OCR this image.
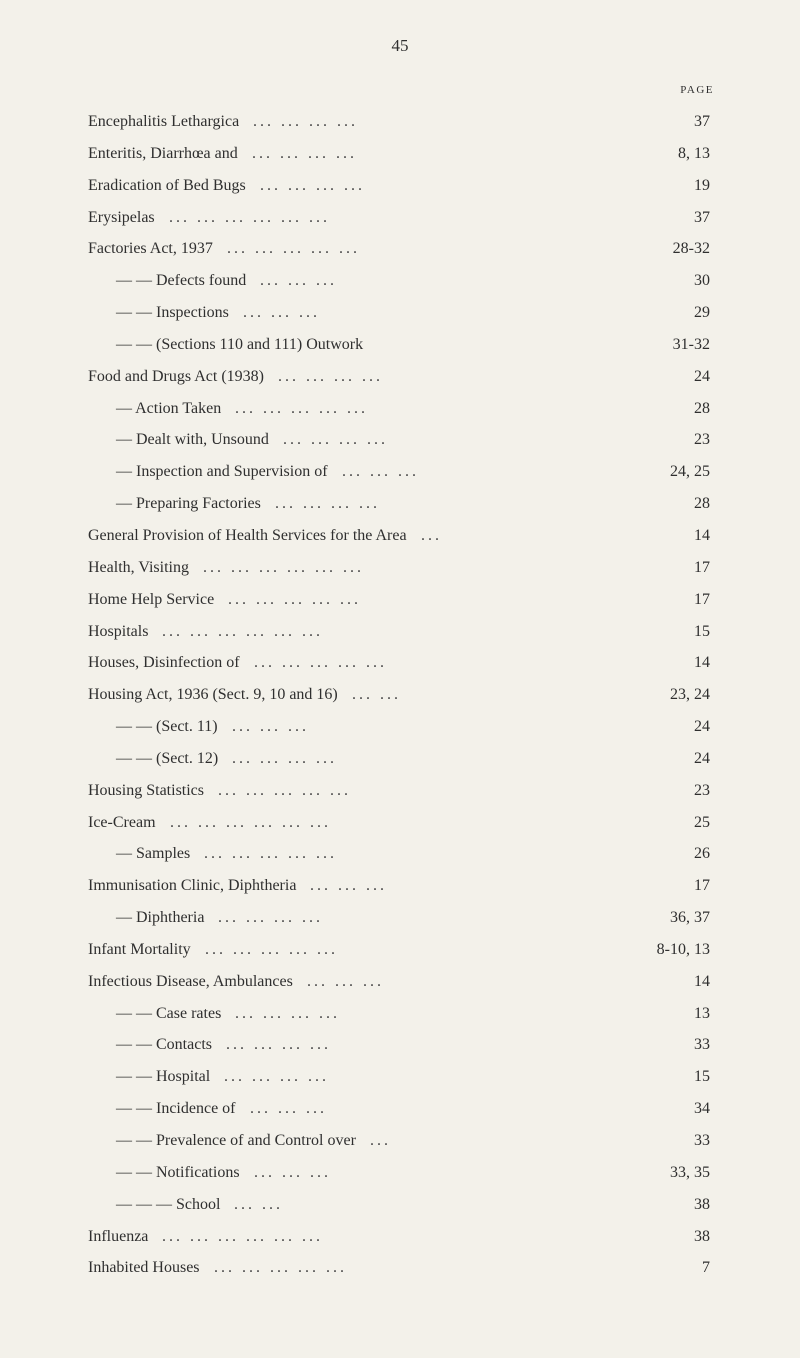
45
PAGE
Encephalitis Lethargica ... ... ... ...	37
Enteritis, Diarrhœa and ... ... ... ...	8, 13
Eradication of Bed Bugs ... ... ... ...	19
Erysipelas ... ... ... ... ... ...	37
Factories Act, 1937 ... ... ... ... ...	28-32
— — Defects found ... ... ...	30
— — Inspections ... ... ...	29
— — (Sections 110 and 111) Outwork	31-32
Food and Drugs Act (1938) ... ... ... ...	24
— Action Taken ... ... ... ... ...	28
— Dealt with, Unsound ... ... ... ...	23
— Inspection and Supervision of ... ... ...	24, 25
— Preparing Factories ... ... ... ...	28
General Provision of Health Services for the Area ...	14
Health, Visiting ... ... ... ... ... ...	17
Home Help Service ... ... ... ... ...	17
Hospitals ... ... ... ... ... ...	15
Houses, Disinfection of ... ... ... ... ...	14
Housing Act, 1936 (Sect. 9, 10 and 16) ... ...	23, 24
— — (Sect. 11) ... ... ...	24
— — (Sect. 12) ... ... ... ...	24
Housing Statistics ... ... ... ... ...	23
Ice-Cream ... ... ... ... ... ...	25
— Samples ... ... ... ... ...	26
Immunisation Clinic, Diphtheria ... ... ...	17
— Diphtheria ... ... ... ...	36, 37
Infant Mortality ... ... ... ... ...	8-10, 13
Infectious Disease, Ambulances ... ... ...	14
— — Case rates ... ... ... ...	13
— — Contacts ... ... ... ...	33
— — Hospital ... ... ... ...	15
— — Incidence of ... ... ...	34
— — Prevalence of and Control over ...	33
— — Notifications ... ... ...	33, 35
— — — School ... ...	38
Influenza ... ... ... ... ... ...	38
Inhabited Houses ... ... ... ... ...	7
